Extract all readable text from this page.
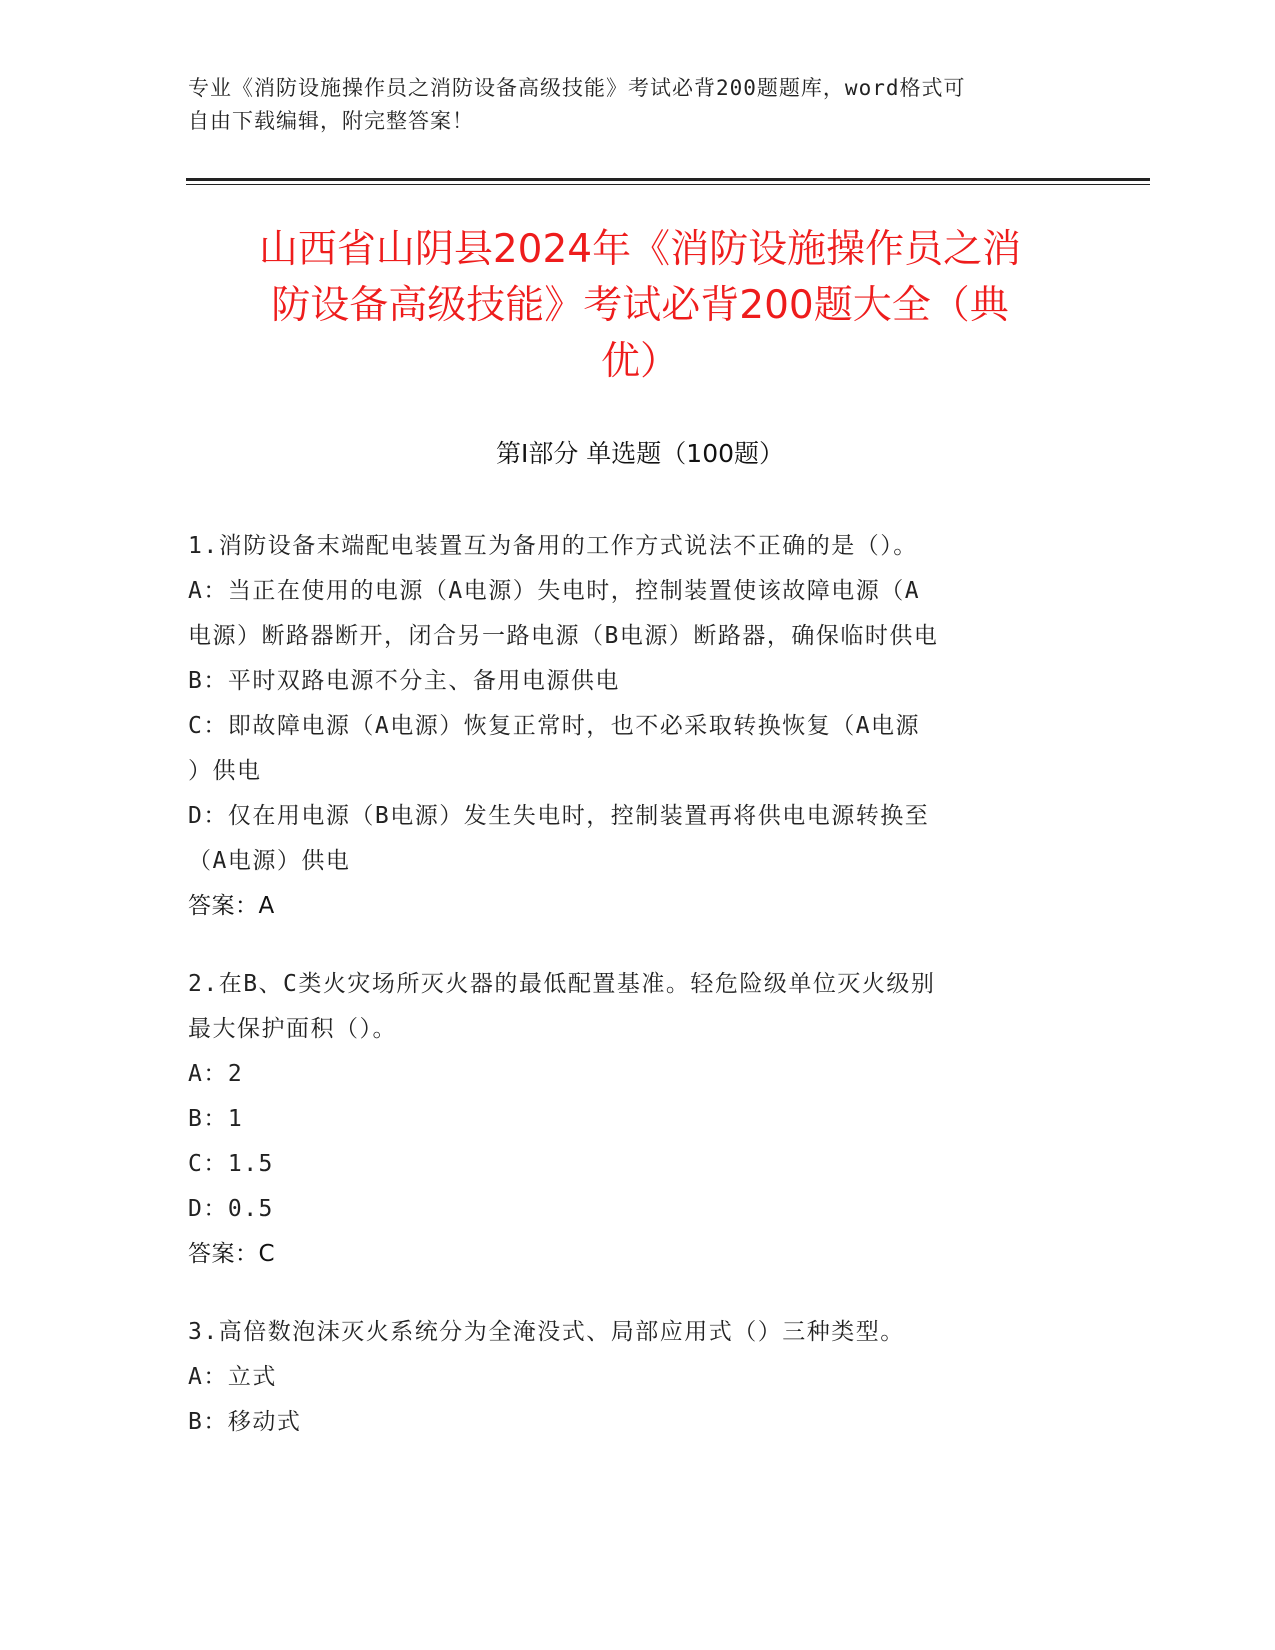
专业《消防设施操作员之消防设备高级技能》考试必背200题题库，word格式可
自由下载编辑，附完整答案！
山西省山阴县2024年《消防设施操作员之消
防设备高级技能》考试必背200题大全（典
优）
第Ⅰ部分 单选题（100题）
1.消防设备末端配电装置互为备用的工作方式说法不正确的是（）。
A：当正在使用的电源（A电源）失电时，控制装置使该故障电源（A
电源）断路器断开，闭合另一路电源（B电源）断路器，确保临时供电
B：平时双路电源不分主、备用电源供电
C：即故障电源（A电源）恢复正常时，也不必采取转换恢复（A电源
）供电
D：仅在用电源（B电源）发生失电时，控制装置再将供电电源转换至
（A电源）供电
答案：A
2.在B、C类火灾场所灭火器的最低配置基准。轻危险级单位灭火级别
最大保护面积（）。
A：2
B：1
C：1.5
D：0.5
答案：C
3.高倍数泡沫灭火系统分为全淹没式、局部应用式（）三种类型。
A：立式
B：移动式
